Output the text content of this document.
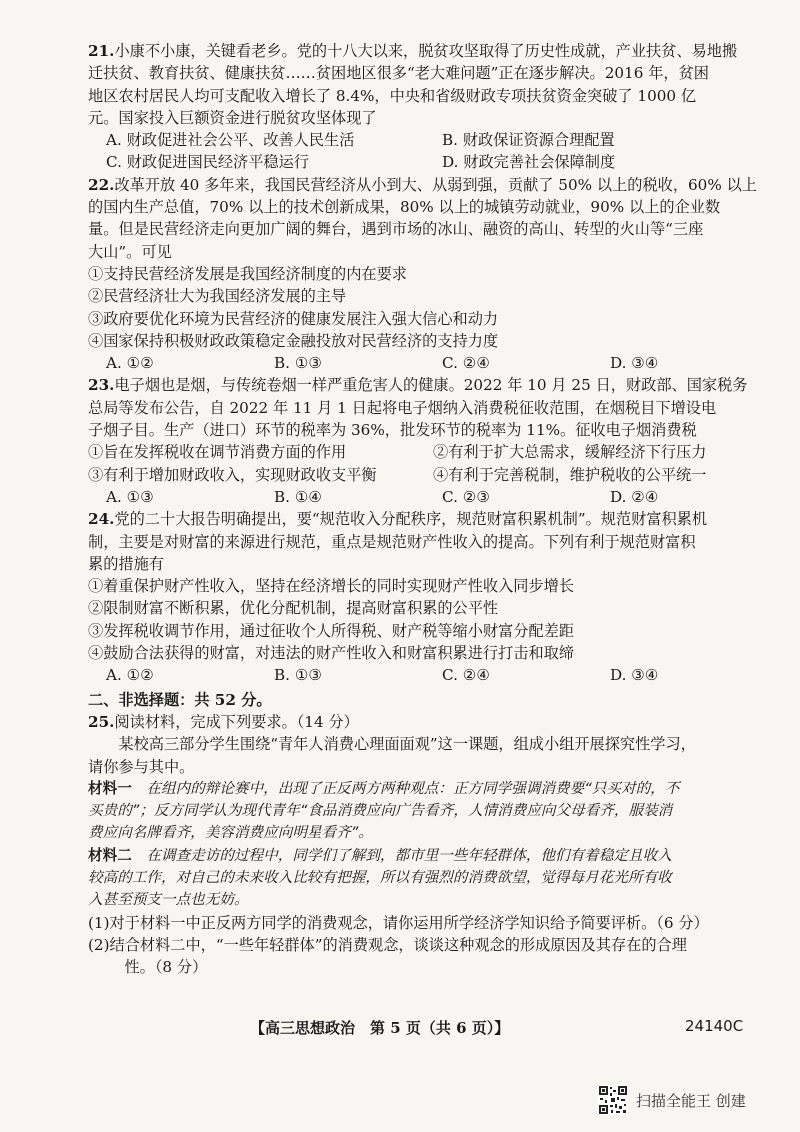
21.小康不小康，关键看老乡。党的十八大以来，脱贫攻坚取得了历史性成就，产业扶贫、易地搬
迁扶贫、教育扶贫、健康扶贫……贫困地区很多“老大难问题”正在逐步解决。2016 年，贫困
地区农村居民人均可支配收入增长了 8.4%，中央和省级财政专项扶贫资金突破了 1000 亿
元。国家投入巨额资金进行脱贫攻坚体现了
A. 财政促进社会公平、改善人民生活	B. 财政保证资源合理配置
C. 财政促进国民经济平稳运行	D. 财政完善社会保障制度
22.改革开放 40 多年来，我国民营经济从小到大、从弱到强，贡献了 50% 以上的税收，60% 以上
的国内生产总值，70% 以上的技术创新成果，80% 以上的城镇劳动就业，90% 以上的企业数
量。但是民营经济走向更加广阔的舞台，遇到市场的冰山、融资的高山、转型的火山等“三座
大山”。可见
①支持民营经济发展是我国经济制度的内在要求
②民营经济壮大为我国经济发展的主导
③政府要优化环境为民营经济的健康发展注入强大信心和动力
④国家保持积极财政政策稳定金融投放对民营经济的支持力度
A. ①②	B. ①③	C. ②④	D. ③④
23.电子烟也是烟，与传统卷烟一样严重危害人的健康。2022 年 10 月 25 日，财政部、国家税务
总局等发布公告，自 2022 年 11 月 1 日起将电子烟纳入消费税征收范围，在烟税目下增设电
子烟子目。生产（进口）环节的税率为 36%，批发环节的税率为 11%。征收电子烟消费税
①旨在发挥税收在调节消费方面的作用	②有利于扩大总需求，缓解经济下行压力
③有利于增加财政收入，实现财政收支平衡	④有利于完善税制，维护税收的公平统一
A. ①③	B. ①④	C. ②③	D. ②④
24.党的二十大报告明确提出，要“规范收入分配秩序，规范财富积累机制”。规范财富积累机
制，主要是对财富的来源进行规范，重点是规范财产性收入的提高。下列有利于规范财富积
累的措施有
①着重保护财产性收入，坚持在经济增长的同时实现财产性收入同步增长
②限制财富不断积累，优化分配机制，提高财富积累的公平性
③发挥税收调节作用，通过征收个人所得税、财产税等缩小财富分配差距
④鼓励合法获得的财富，对违法的财产性收入和财富积累进行打击和取缔
A. ①②	B. ①③	C. ②④	D. ③④
二、非选择题：共 52 分。
25.阅读材料，完成下列要求。（14 分）
某校高三部分学生围绕“青年人消费心理面面观”这一课题，组成小组开展探究性学习，
请你参与其中。
材料一　 在组内的辩论赛中，出现了正反两方两种观点：正方同学强调消费要“只买对的，不
买贵的”；反方同学认为现代青年“食品消费应向广告看齐，人情消费应向父母看齐，服装消
费应向名牌看齐，美容消费应向明星看齐”。
材料二　 在调查走访的过程中，同学们了解到，都市里一些年轻群体，他们有着稳定且收入
较高的工作，对自己的未来收入比较有把握，所以有强烈的消费欲望，觉得每月花光所有收
入甚至预支一点也无妨。
(1)对于材料一中正反两方同学的消费观念，请你运用所学经济学知识给予简要评析。（6 分）
(2)结合材料二中，“一些年轻群体”的消费观念，谈谈这种观念的形成原因及其存在的合理
性。（8 分）
【高三思想政治　第 5 页（共 6 页）】	24140C
扫描全能王 创建
